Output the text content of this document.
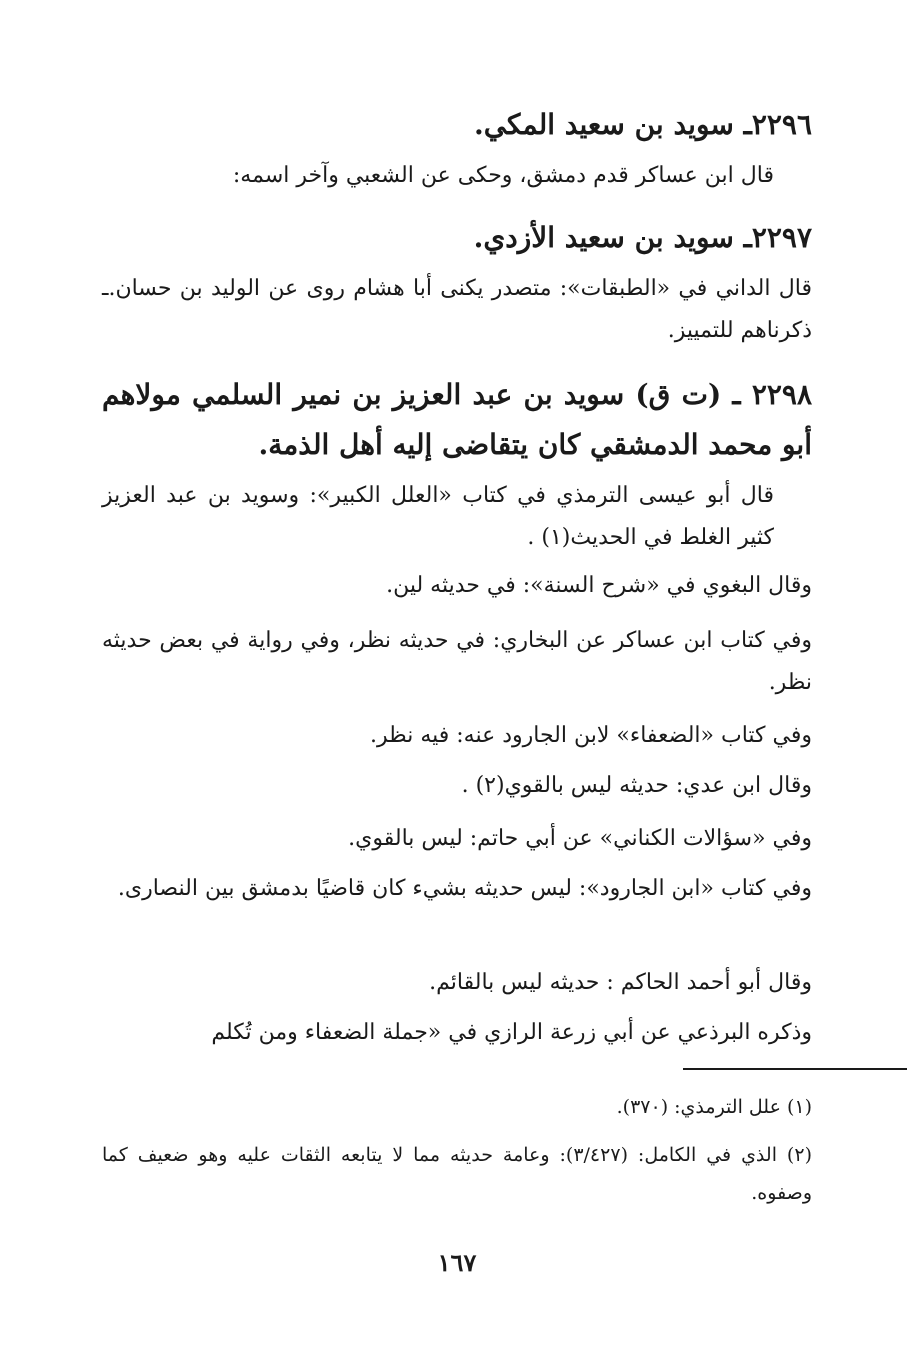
٢٢٩٦ـ سويد بن سعيد المكي.
قال ابن عساكر قدم دمشق، وحكى عن الشعبي وآخر اسمه:
٢٢٩٧ـ سويد بن سعيد الأزدي.
قال الداني في «الطبقات»: متصدر يكنى أبا هشام روى عن الوليد بن حسان.ـ ذكرناهم للتمييز.
٢٢٩٨ ـ (ت ق) سويد بن عبد العزيز بن نمير السلمي مولاهم أبو محمد الدمشقي كان يتقاضى إليه أهل الذمة.
قال أبو عيسى الترمذي في كتاب «العلل الكبير»: وسويد بن عبد العزيز كثير الغلط في الحديث(١) .
وقال البغوي في «شرح السنة»: في حديثه لين.
وفي كتاب ابن عساكر عن البخاري: في حديثه نظر، وفي رواية في بعض حديثه نظر.
وفي كتاب «الضعفاء» لابن الجارود عنه: فيه نظر.
وقال ابن عدي: حديثه ليس بالقوي(٢) .
وفي «سؤالات الكناني» عن أبي حاتم: ليس بالقوي.
وفي كتاب «ابن الجارود»: ليس حديثه بشيء كان قاضيًا بدمشق بين النصارى.
وقال أبو أحمد الحاكم : حديثه ليس بالقائم.
وذكره البرذعي عن أبي زرعة الرازي في «جملة الضعفاء ومن تُكلم
(١) علل الترمذي: (٣٧٠).
(٢) الذي في الكامل: (٣/٤٢٧): وعامة حديثه مما لا يتابعه الثقات عليه وهو ضعيف كما وصفوه.
١٦٧
